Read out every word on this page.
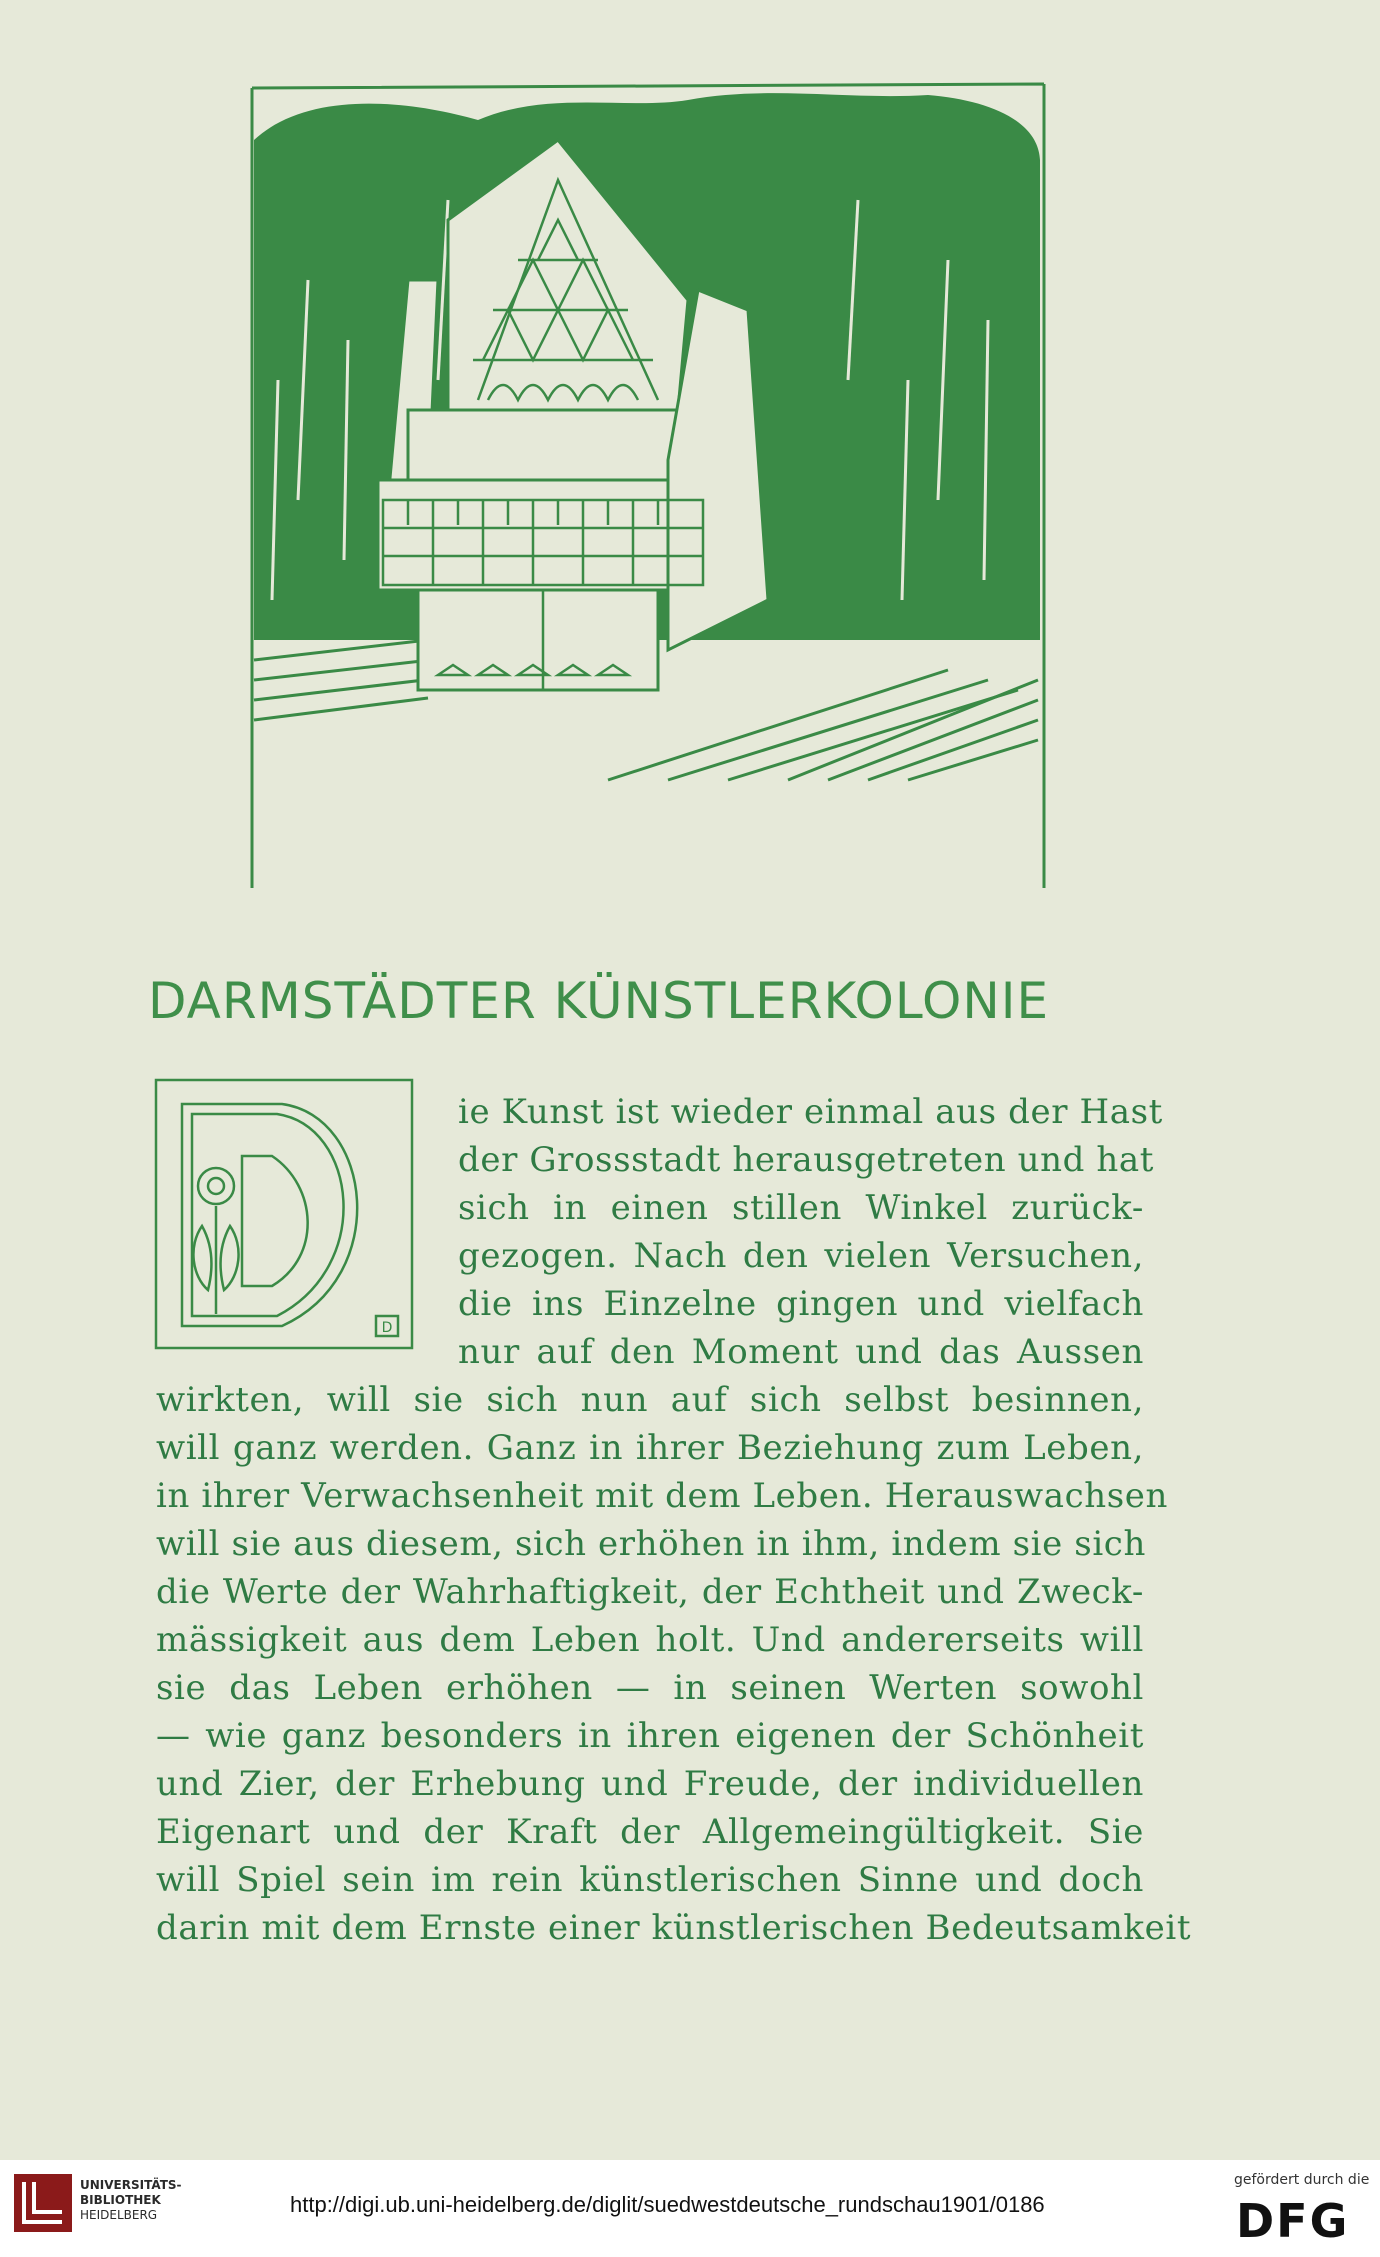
DARMSTÄDTER KÜNSTLERKOLONIE
D
ie Kunst ist wieder einmal aus der Hast
der Grossstadt herausgetreten und hat
sich in einen stillen Winkel zurück-
gezogen. Nach den vielen Versuchen,
die ins Einzelne gingen und vielfach
nur auf den Moment und das Aussen
wirkten, will sie sich nun auf sich selbst besinnen,
will ganz werden. Ganz in ihrer Beziehung zum Leben,
in ihrer Verwachsenheit mit dem Leben. Herauswachsen
will sie aus diesem, sich erhöhen in ihm, indem sie sich
die Werte der Wahrhaftigkeit, der Echtheit und Zweck-
mässigkeit aus dem Leben holt. Und andererseits will
sie das Leben erhöhen — in seinen Werten sowohl
— wie ganz besonders in ihren eigenen der Schönheit
und Zier, der Erhebung und Freude, der individuellen
Eigenart und der Kraft der Allgemeingültigkeit. Sie
will Spiel sein im rein künstlerischen Sinne und doch
darin mit dem Ernste einer künstlerischen Bedeutsamkeit
UNIVERSITÄTS-
BIBLIOTHEK
HEIDELBERG	http://digi.ub.uni-heidelberg.de/diglit/suedwestdeutsche_rundschau1901/0186
gefördert durch die
DFG
